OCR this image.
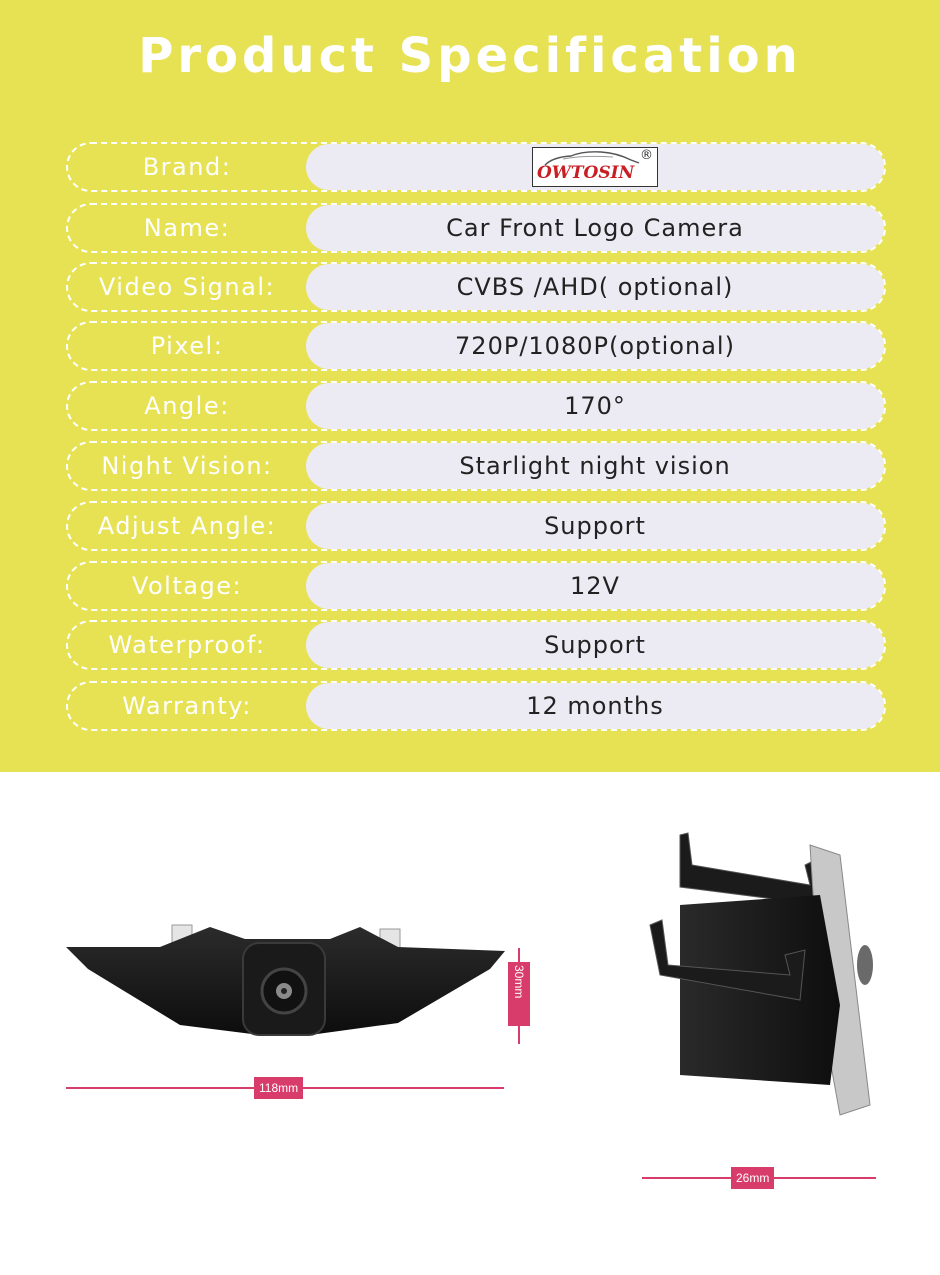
Product Specification
Brand:	OWTOSIN
®
Name:	Car Front Logo Camera
Video Signal:	CVBS /AHD( optional)
Pixel:	720P/1080P(optional)
Angle:	170°
Night Vision:	Starlight night vision
Adjust Angle:	Support
Voltage:	12V
Waterproof:	Support
Warranty:	12 months
118mm
30mm
26mm
